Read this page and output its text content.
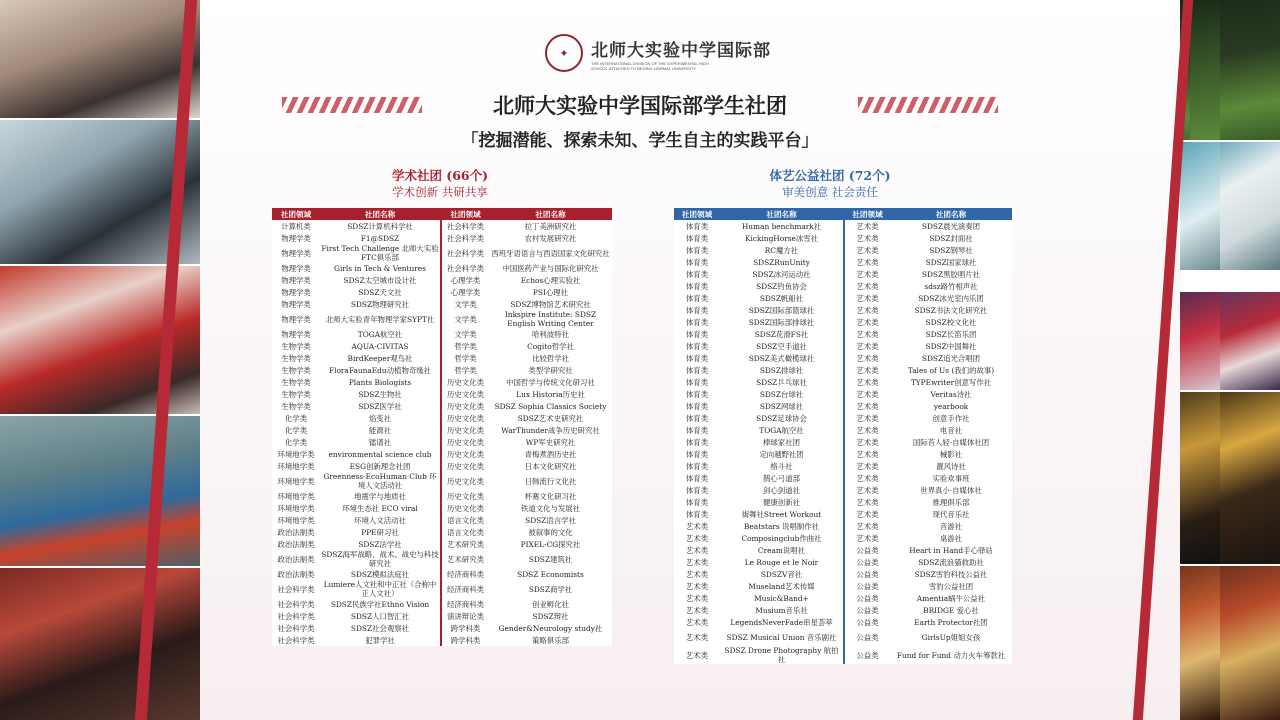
✦	北师大实验中学国际部
THE INTERNATIONAL DIVISION OF THE EXPERIMENTAL HIGH SCHOOL ATTACHED TO BEIJING NORMAL UNIVERSITY
北师大实验中学国际部学生社团
「挖掘潜能、探索未知、学生自主的实践平台」
学术社团 (66个)
学术创新 共研共享
体艺公益社团 (72个)
审美创意 社会责任
社团领域	社团名称	社团领域	社团名称
计算机类	SDSZ计算机科学社	社会科学类	拉丁美洲研究社
物理学类	F1@SDSZ	社会科学类	农村发展研究社
物理学类	First Tech Challenge 北师大实验FTC俱乐部	社会科学类	西班牙语语言与西语国家文化研究社
物理学类	Girls in Tech & Ventures	社会科学类	中国医药产业与国际化研究社
物理学类	SDSZ太空城市设计社	心理学类	Echos心理实验社
物理学类	SDSZ天文社	心理学类	PSI心理社
物理学类	SDSZ物理研究社	文学类	SDSZ博物馆艺术研究社
物理学类	北师大实验青年物理学家SYPT社	文学类	Inkspire Institute: SDSZ English Writing Center
物理学类	TOGA航空社	文学类	哈利波特社
生物学类	AQUA-CIVITAS	哲学类	Cogito哲学社
生物学类	BirdKeeper观鸟社	哲学类	比较哲学社
生物学类	FloraFaunaEdu动植物奇缘社	哲学类	类型学研究社
生物学类	Plants Biologists	历史文化类	中国哲学与传统文化研习社
生物学类	SDSZ生物社	历史文化类	Lux Historia历史社
生物学类	SDSZ医学社	历史文化类	SDSZ Sophia Classics Society
化学类	焰变社	历史文化类	SDSZ艺术史研究社
化学类	能源社	历史文化类	WarThunder战争历史研究社
化学类	镭谱社	历史文化类	WP军史研究社
环境地学类	environmental science club	历史文化类	青梅煮酒历史社
环境地学类	ESG创新理念社团	历史文化类	日本文化研究社
环境地学类	Greenness-EcoHuman Club 环境人文活动社	历史文化类	日韩流行文化社
环境地学类	地震学与地质社	历史文化类	杯赛文化研习社
环境地学类	环境生态社 ECO viral	历史文化类	铁道文化与发展社
环境地学类	环境人文活动社	语言文化类	SDSZ语言学社
政治法制类	PPE研习社	语言文化类	被叙事的文化
政治法制类	SDSZ法学社	艺术研究类	PIXEL-CG探究社
政治法制类	SDSZ海军战略、战术、战史与科技研究社	艺术研究类	SDSZ建筑社
政治法制类	SDSZ模拟法庭社	经济商科类	SDSZ Economists
社会科学类	Lumiere人文社和中正社（合称中正人文社）	经济商科类	SDSZ商学社
社会科学类	SDSZ民族学社Ethno Vision	经济商科类	创业孵化社
社会科学类	SDSZ人口智汇社	演讲辩论类	SDSZ辩社
社会科学类	SDSZ社会观察社	跨学科类	Gender&Neurology study社
社会科学类	犯罪学社	跨学科类	策略俱乐部
社团领域	社团名称	社团领域	社团名称
体育类	Human benchmark社	艺术类	SDSZ晨光演奏团
体育类	KickingHorse冰雪社	艺术类	SDSZ封面社
体育类	RC魔方社	艺术类	SDSZ钢琴社
体育类	SDSZRunUnity	艺术类	SDSZ国家球社
体育类	SDSZ冰河运动社	艺术类	SDSZ黑胶唱片社
体育类	SDSZ钓鱼协会	艺术类	sdsz路竹相声社
体育类	SDSZ帆船社	艺术类	SDSZ冰光室内乐团
体育类	SDSZ国际部篮球社	艺术类	SDSZ书法文化研究社
体育类	SDSZ国际部排球社	艺术类	SDSZ校文化社
体育类	SDSZ花滑FS社	艺术类	SDSZ长笛乐团
体育类	SDSZ空手道社	艺术类	SDSZ中国舞社
体育类	SDSZ美式橄榄球社	艺术类	SDSZ追光合唱团
体育类	SDSZ排球社	艺术类	Tales of Us (我们的故事)
体育类	SDSZ乒乓球社	艺术类	TYPEwriter创意写作社
体育类	SDSZ台球社	艺术类	Veritas诗社
体育类	SDSZ网球社	艺术类	yearbook
体育类	SDSZ足球协会	艺术类	创意手作社
体育类	TOGA航空社	艺术类	电音社
体育类	棒球家社团	艺术类	国际苔人轻·自媒体社团
体育类	定向越野社团	艺术类	械影社
体育类	格斗社	艺术类	靓风诗社
体育类	鹊心弓道部	艺术类	实验欢事班
体育类	剑心剑道社	艺术类	世界真小·自媒体社
体育类	健康创新社	艺术类	推理俱乐部
体育类	街舞社Street Workout	艺术类	现代音乐社
艺术类	Beatstars 说唱制作社	艺术类	音游社
艺术类	Composingclub作曲社	艺术类	桌游社
艺术类	Cream说唱社	公益类	Heart in Hand手心驿站
艺术类	Le Rouge et le Noir	公益类	SDSZ流浪猫救助社
艺术类	SDSZV音社	公益类	SDSZ雪豹科技公益社
艺术类	Museland艺术传媒	公益类	雪豹公益社团
艺术类	Music&Band+	公益类	Amentia蜗牛公益社
艺术类	Musium音乐社	公益类	BRIDGE 爱心社
艺术类	LegendsNeverFade串星荟萃	公益类	Earth Protector社团
艺术类	SDSZ Musical Union 音乐剧社	公益类	GirlsUp姐姐女孩
艺术类	SDSZ Drone Photography 航拍社	公益类	Fund for Fund 动力火车筹款社
